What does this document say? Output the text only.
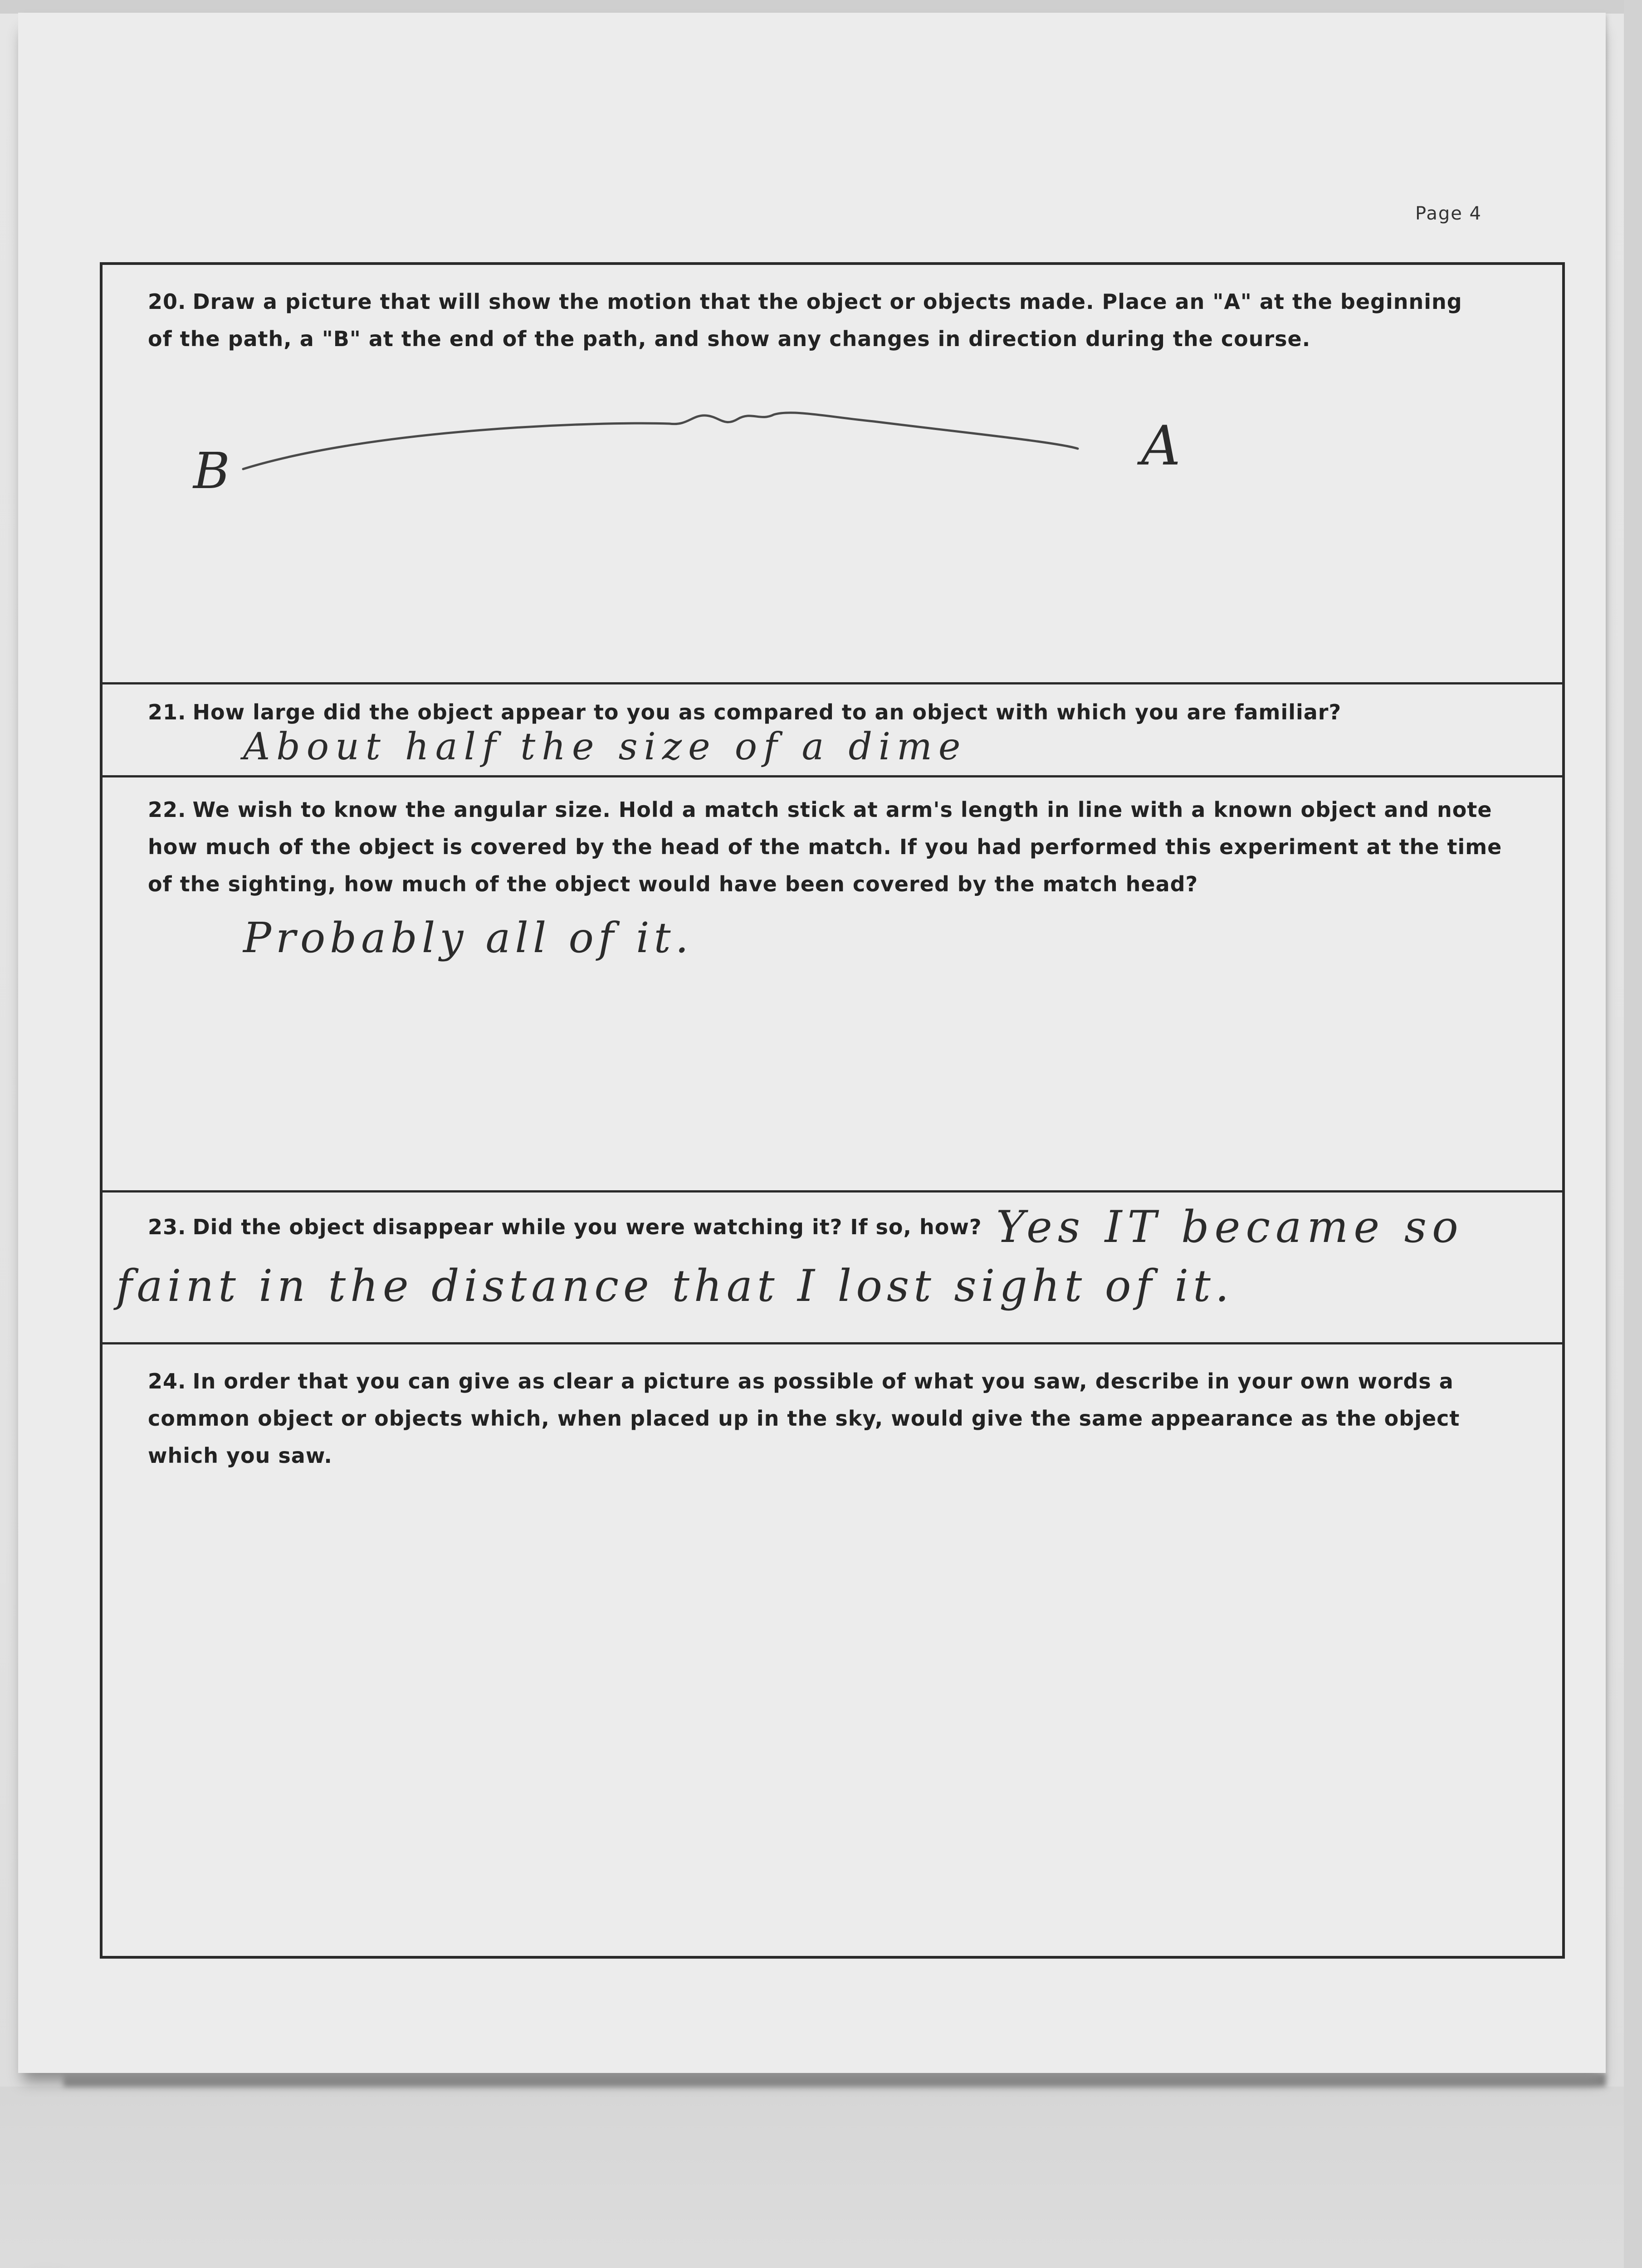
Page 4
20. Draw a picture that will show the motion that the object or objects made. Place an "A" at the beginning of the path, a "B" at the end of the path, and show any changes in direction during the course.
B	A
21. How large did the object appear to you as compared to an object with which you are familiar?
About half the size of a dime
22. We wish to know the angular size. Hold a match stick at arm's length in line with a known object and note how much of the object is covered by the head of the match. If you had performed this experiment at the time of the sighting, how much of the object would have been covered by the match head?
Probably all of it.
23. Did the object disappear while you were watching it? If so, how? Yes IT became so
faint in the distance that I lost sight of it.
24. In order that you can give as clear a picture as possible of what you saw, describe in your own words a common object or objects which, when placed up in the sky, would give the same appearance as the object which you saw.
